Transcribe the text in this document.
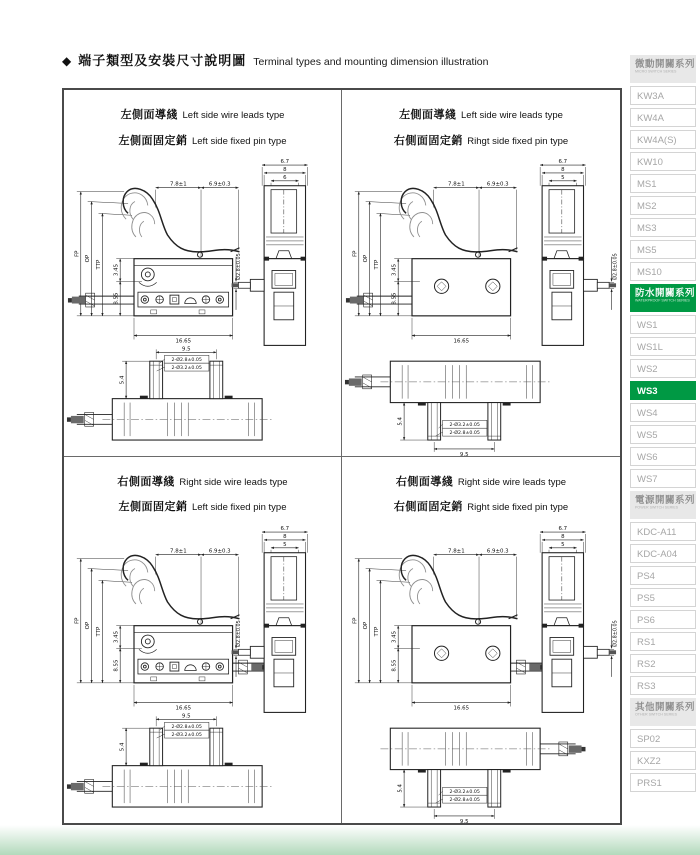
◆ 端子類型及安裝尺寸說明圖 Terminal types and mounting dimension illustration
左側面導綫 Left side wire leads type
左側面固定銷 Left side fixed pin type
7.8±1	6.9±0.3
FP
OP
TTP 3.45
8.55
16.65
6.7
8
6
Ø2.8±0.05
9.5
2-Ø2.8±0.05
2-Ø3.2±0.05
5.4
左側面導綫 Left side wire leads type
右側面固定銷 Rihgt side fixed pin type
7.8±1	6.9±0.3
FP
OP
TTP 3.45
8.55
16.65
6.7
8
5
Ø2.8±0.05
9.5
2-Ø3.2±0.05
2-Ø2.8±0.05
5.4
右側面導綫 Right side wire leads type
左側面固定銷 Left side fixed pin type
7.8±1	6.9±0.3
FP
OP
TTP 3.45
8.55
16.65
6.7
8
5
Ø2.8±0.05
9.5
2-Ø2.8±0.05
2-Ø3.2±0.05
5.4
右側面導綫 Right side wire leads type
右側面固定銷 Right side fixed pin type
7.8±1	6.9±0.3
FP
OP
TTP 3.45
8.55
16.65
6.7
8
5
Ø2.8±0.05
9.5
2-Ø3.2±0.05
2-Ø2.8±0.05
5.4
微動開關系列
MICRO SWITCH SERIES
KW3A
KW4A
KW4A(S)
KW10
MS1
MS2
MS3
MS5
MS10
防水開關系列
WATERPROOF SWITCH SERIES
WS1
WS1L
WS2
WS3
WS4
WS5
WS6
WS7
電源開關系列
POWER SWITCH SERIES
KDC-A11
KDC-A04
PS4
PS5
PS6
RS1
RS2
RS3
其他開關系列
OTHER SWITCH SERIES
SP02
KXZ2
PRS1
